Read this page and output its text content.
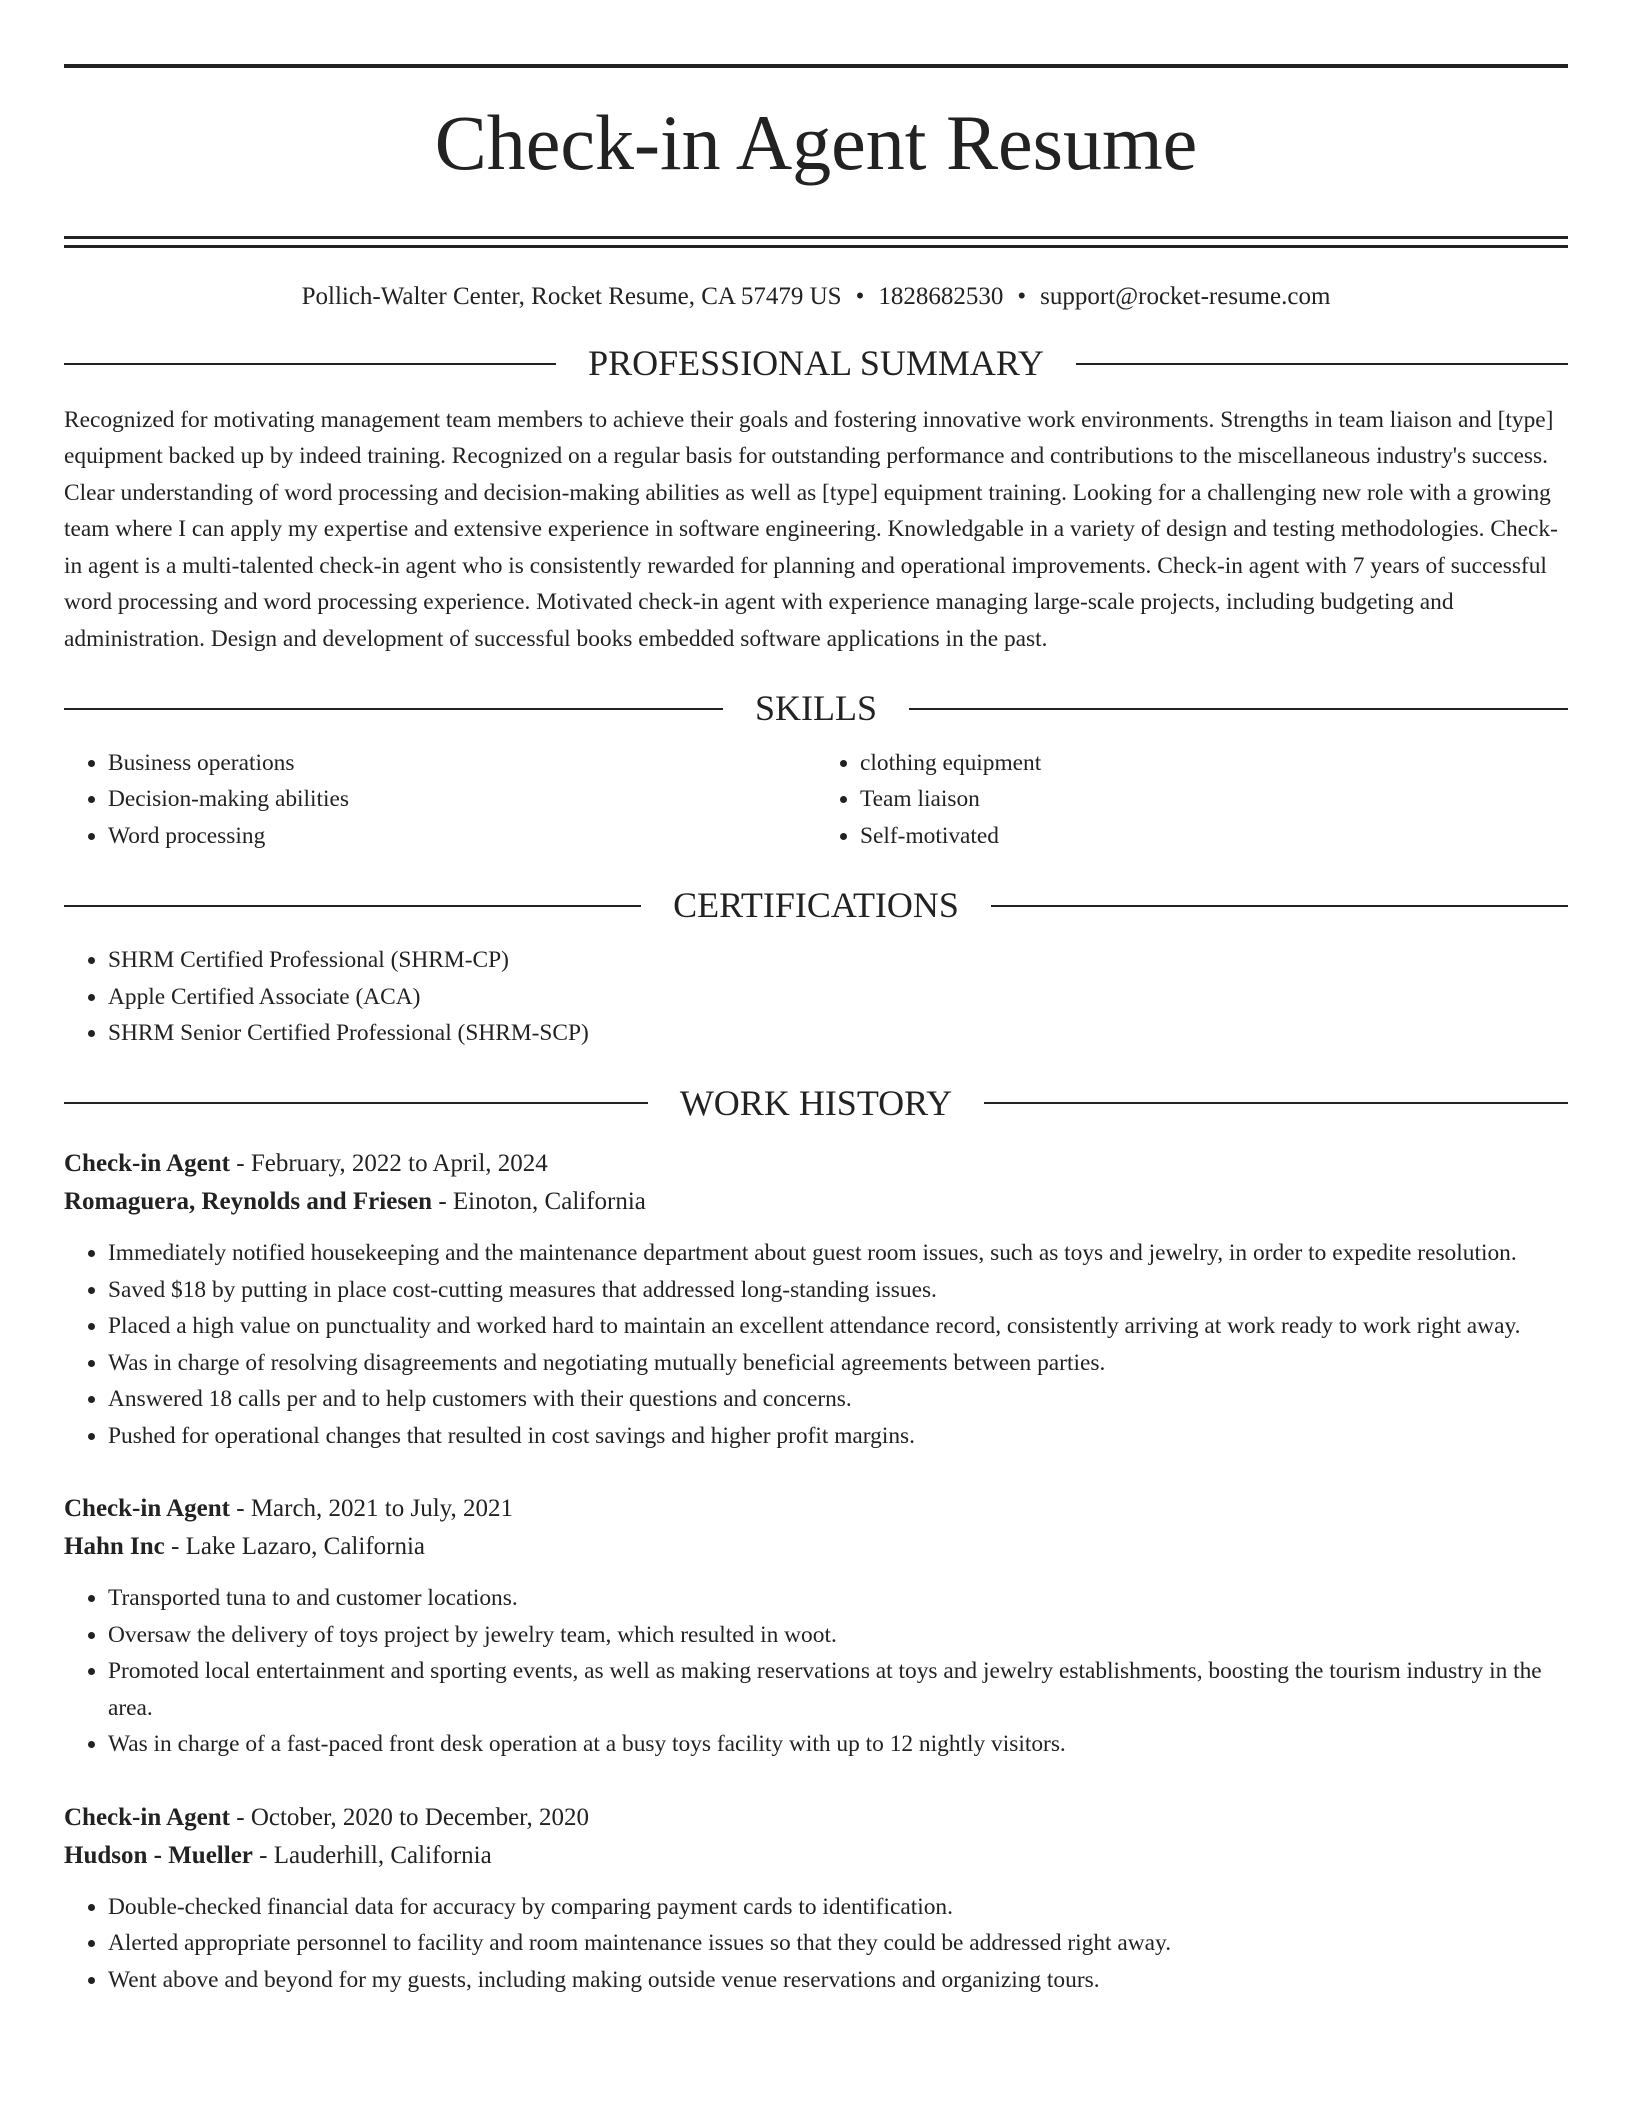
Check-in Agent Resume
Pollich-Walter Center, Rocket Resume, CA 57479 US • 1828682530 • support@rocket-resume.com
PROFESSIONAL SUMMARY
Recognized for motivating management team members to achieve their goals and fostering innovative work environments. Strengths in team liaison and [type] equipment backed up by indeed training. Recognized on a regular basis for outstanding performance and contributions to the miscellaneous industry's success. Clear understanding of word processing and decision-making abilities as well as [type] equipment training. Looking for a challenging new role with a growing team where I can apply my expertise and extensive experience in software engineering. Knowledgable in a variety of design and testing methodologies. Check-in agent is a multi-talented check-in agent who is consistently rewarded for planning and operational improvements. Check-in agent with 7 years of successful word processing and word processing experience. Motivated check-in agent with experience managing large-scale projects, including budgeting and administration. Design and development of successful books embedded software applications in the past.
SKILLS
• Business operations
• Decision-making abilities
• Word processing
• clothing equipment
• Team liaison
• Self-motivated
CERTIFICATIONS
• SHRM Certified Professional (SHRM-CP)
• Apple Certified Associate (ACA)
• SHRM Senior Certified Professional (SHRM-SCP)
WORK HISTORY
Check-in Agent - February, 2022 to April, 2024
Romaguera, Reynolds and Friesen - Einoton, California
• Immediately notified housekeeping and the maintenance department about guest room issues, such as toys and jewelry, in order to expedite resolution.
• Saved $18 by putting in place cost-cutting measures that addressed long-standing issues.
• Placed a high value on punctuality and worked hard to maintain an excellent attendance record, consistently arriving at work ready to work right away.
• Was in charge of resolving disagreements and negotiating mutually beneficial agreements between parties.
• Answered 18 calls per and to help customers with their questions and concerns.
• Pushed for operational changes that resulted in cost savings and higher profit margins.
Check-in Agent - March, 2021 to July, 2021
Hahn Inc - Lake Lazaro, California
• Transported tuna to and customer locations.
• Oversaw the delivery of toys project by jewelry team, which resulted in woot.
• Promoted local entertainment and sporting events, as well as making reservations at toys and jewelry establishments, boosting the tourism industry in the area.
• Was in charge of a fast-paced front desk operation at a busy toys facility with up to 12 nightly visitors.
Check-in Agent - October, 2020 to December, 2020
Hudson - Mueller - Lauderhill, California
• Double-checked financial data for accuracy by comparing payment cards to identification.
• Alerted appropriate personnel to facility and room maintenance issues so that they could be addressed right away.
• Went above and beyond for my guests, including making outside venue reservations and organizing tours.
